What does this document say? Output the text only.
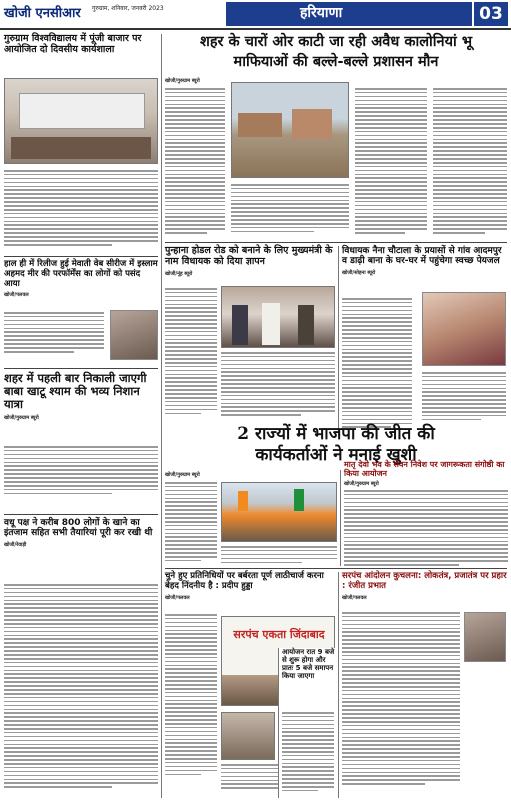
खोजी एनसीआर	गुरुग्राम, शनिवार, जनवरी 2023	हरियाणा	03
गुरुग्राम विश्वविद्यालय में पूंजी बाजार पर आयोजित दो दिवसीय कार्यशाला
हाल ही में रिलीज हुई मेवाती वेब सीरीज में इस्लाम अहमद मीर की परफॉर्मेंस का लोगों को पसंद आया
खोजी/पलवल
शहर में पहली बार निकाली जाएगी बाबा खाटू श्याम की भव्य निशान यात्रा
खोजी/गुरुग्राम ब्यूरो
वधू पक्ष ने करीब 800 लोगों के खाने का इंतजाम सहित सभी तैयारियां पूरी कर रखी थी
खोजी/रेवाड़ी
शहर के चारों ओर काटी जा रही अवैध कालोनियां भू
माफियाओं की बल्ले-बल्ले प्रशासन मौन
खोजी/गुरुग्राम ब्यूरो
पुन्हाना होडल रोड को बनाने के लिए मुख्यमंत्री के नाम विधायक को दिया ज्ञापन
खोजी/नूंह ब्यूरो
विधायक नैना चौटाला के प्रयासों से गांव आदमपुर व डाढ़ी बाना के घर-घर में पहुंचेगा स्वच्छ पेयजल
खोजी/सोहना ब्यूरो
2 राज्यों में भाजपा की जीत की
कार्यकर्ताओं ने मनाई खुशी
खोजी/गुरुग्राम ब्यूरो
मातृ देवो भव के सेवन निवेश पर जागरूकता संगोष्ठी का किया आयोजन
खोजी/गुरुग्राम ब्यूरो
चुने हुए प्रतिनिधियों पर बर्बरता पूर्ण लाठीचार्ज करना बेहद निंदनीय है : प्रदीप हुड्डा
खोजी/पलवल
सरपंच एकता जिंदाबाद
सरपंच आंदोलन कुचलना: लोकतंत्र, प्रजातंत्र पर प्रहार : रंजीत प्रभात
खोजी/पलवल
आयोजन रात 9 बजे से शुरू होगा और प्रातः 5 बजे समापन किया जाएगा
